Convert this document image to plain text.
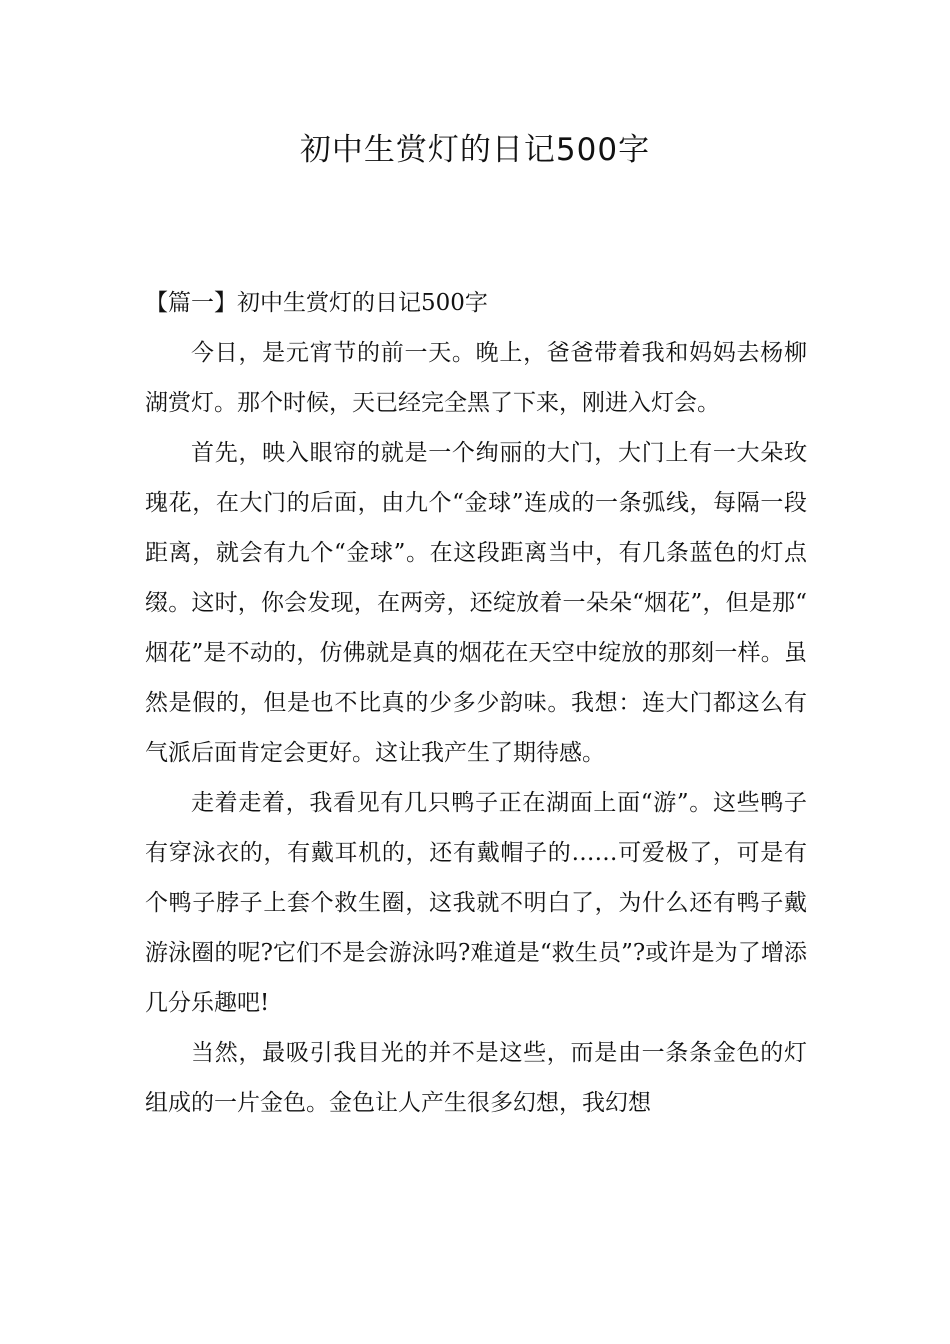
初中生赏灯的日记500字
【篇一】初中生赏灯的日记500字

今日，是元宵节的前一天。晚上，爸爸带着我和妈妈去杨柳湖赏灯。那个时候，天已经完全黑了下来，刚进入灯会。

首先，映入眼帘的就是一个绚丽的大门，大门上有一大朵玫瑰花，在大门的后面，由九个“金球”连成的一条弧线，每隔一段距离，就会有九个“金球”。在这段距离当中，有几条蓝色的灯点缀。这时，你会发现，在两旁，还绽放着一朵朵“烟花”，但是那“烟花”是不动的，仿佛就是真的烟花在天空中绽放的那刻一样。虽然是假的，但是也不比真的少多少韵味。我想：连大门都这么有气派后面肯定会更好。这让我产生了期待感。

走着走着，我看见有几只鸭子正在湖面上面“游”。这些鸭子有穿泳衣的，有戴耳机的，还有戴帽子的……可爱极了，可是有个鸭子脖子上套个救生圈，这我就不明白了，为什么还有鸭子戴游泳圈的呢?它们不是会游泳吗?难道是“救生员”?或许是为了增添几分乐趣吧!

当然，最吸引我目光的并不是这些，而是由一条条金色的灯组成的一片金色。金色让人产生很多幻想，我幻想
